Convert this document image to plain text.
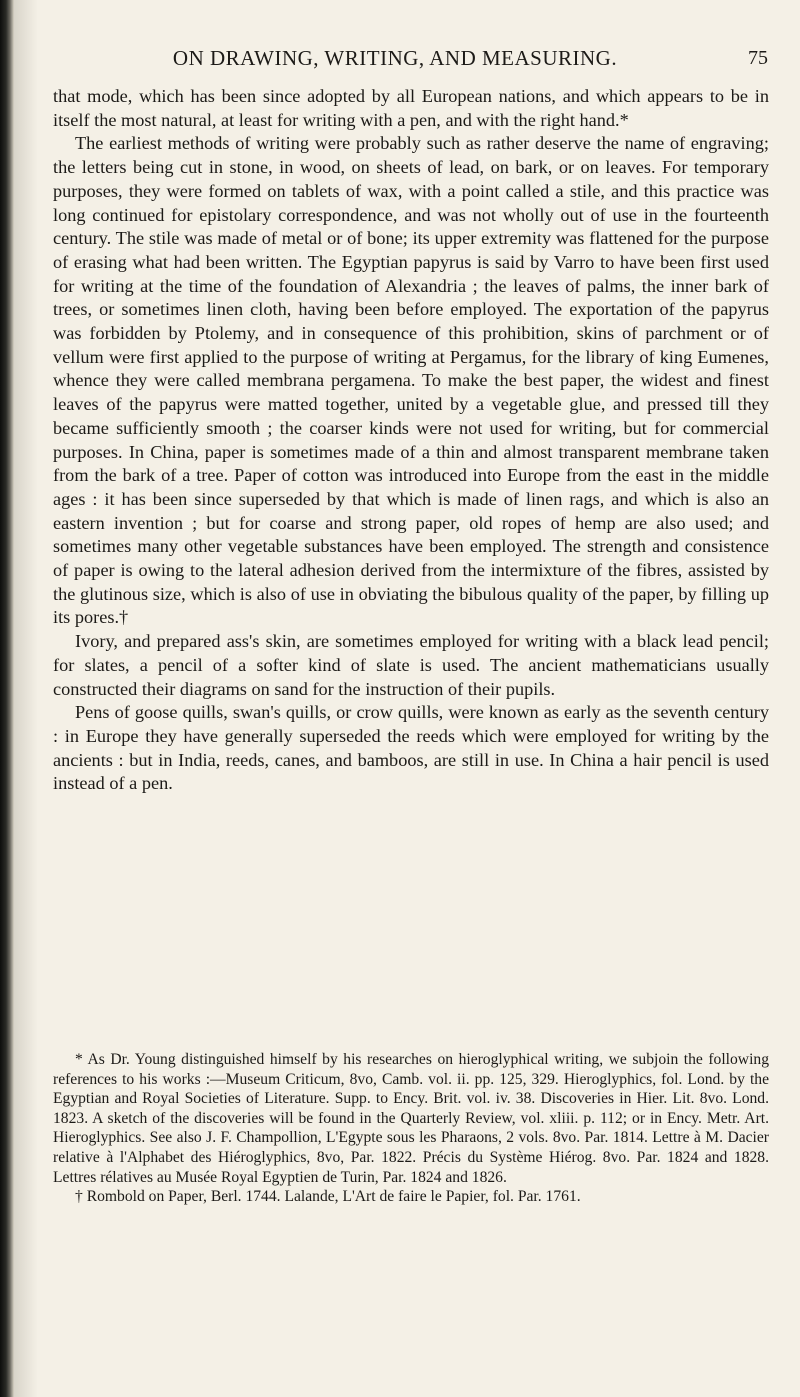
ON DRAWING, WRITING, AND MEASURING.	75

that mode, which has been since adopted by all European nations, and which appears to be in itself the most natural, at least for writing with a pen, and with the right hand.*

The earliest methods of writing were probably such as rather deserve the name of engraving; the letters being cut in stone, in wood, on sheets of lead, on bark, or on leaves. For temporary purposes, they were formed on tablets of wax, with a point called a stile, and this practice was long continued for epistolary correspondence, and was not wholly out of use in the fourteenth century. The stile was made of metal or of bone; its upper extremity was flattened for the purpose of erasing what had been written. The Egyptian papyrus is said by Varro to have been first used for writing at the time of the foundation of Alexandria ; the leaves of palms, the inner bark of trees, or sometimes linen cloth, having been before employed. The exportation of the papyrus was forbidden by Ptolemy, and in consequence of this prohibition, skins of parchment or of vellum were first applied to the purpose of writing at Pergamus, for the library of king Eumenes, whence they were called membrana pergamena. To make the best paper, the widest and finest leaves of the papyrus were matted together, united by a vegetable glue, and pressed till they became sufficiently smooth ; the coarser kinds were not used for writing, but for commercial purposes. In China, paper is sometimes made of a thin and almost transparent membrane taken from the bark of a tree. Paper of cotton was introduced into Europe from the east in the middle ages : it has been since superseded by that which is made of linen rags, and which is also an eastern invention ; but for coarse and strong paper, old ropes of hemp are also used; and sometimes many other vegetable substances have been employed. The strength and consistence of paper is owing to the lateral adhesion derived from the intermixture of the fibres, assisted by the glutinous size, which is also of use in obviating the bibulous quality of the paper, by filling up its pores.†

Ivory, and prepared ass's skin, are sometimes employed for writing with a black lead pencil; for slates, a pencil of a softer kind of slate is used. The ancient mathematicians usually constructed their diagrams on sand for the instruction of their pupils.

Pens of goose quills, swan's quills, or crow quills, were known as early as the seventh century : in Europe they have generally superseded the reeds which were employed for writing by the ancients : but in India, reeds, canes, and bamboos, are still in use. In China a hair pencil is used instead of a pen.

* As Dr. Young distinguished himself by his researches on hieroglyphical writing, we subjoin the following references to his works :—Museum Criticum, 8vo, Camb. vol. ii. pp. 125, 329. Hieroglyphics, fol. Lond. by the Egyptian and Royal Societies of Literature. Supp. to Ency. Brit. vol. iv. 38. Discoveries in Hier. Lit. 8vo. Lond. 1823. A sketch of the discoveries will be found in the Quarterly Review, vol. xliii. p. 112; or in Ency. Metr. Art. Hieroglyphics. See also J. F. Champollion, L'Egypte sous les Pharaons, 2 vols. 8vo. Par. 1814. Lettre à M. Dacier relative à l'Alphabet des Hiéroglyphics, 8vo, Par. 1822. Précis du Système Hiérog. 8vo. Par. 1824 and 1828. Lettres rélatives au Musée Royal Egyptien de Turin, Par. 1824 and 1826.

† Rombold on Paper, Berl. 1744. Lalande, L'Art de faire le Papier, fol. Par. 1761.
